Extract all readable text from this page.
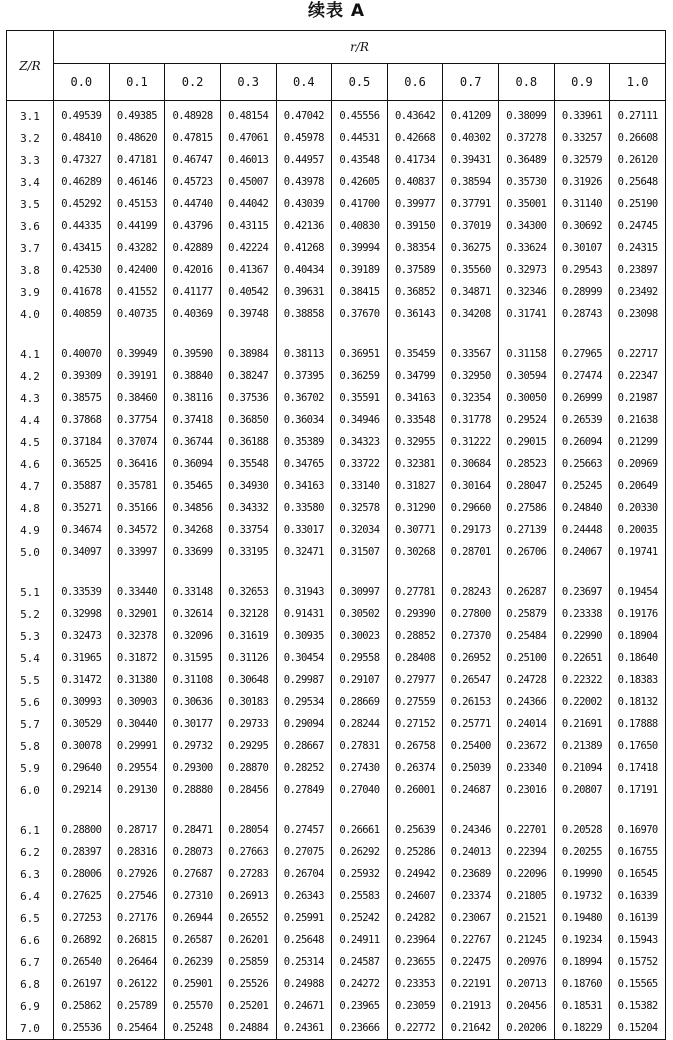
续表 A
Z/R	r/R										
	0.0	0.1	0.2	0.3	0.4	0.5	0.6	0.7	0.8	0.9	1.0
3.1	0.49539	0.49385	0.48928	0.48154	0.47042	0.45556	0.43642	0.41209	0.38099	0.33961	0.27111
3.2	0.48410	0.48620	0.47815	0.47061	0.45978	0.44531	0.42668	0.40302	0.37278	0.33257	0.26608
3.3	0.47327	0.47181	0.46747	0.46013	0.44957	0.43548	0.41734	0.39431	0.36489	0.32579	0.26120
3.4	0.46289	0.46146	0.45723	0.45007	0.43978	0.42605	0.40837	0.38594	0.35730	0.31926	0.25648
3.5	0.45292	0.45153	0.44740	0.44042	0.43039	0.41700	0.39977	0.37791	0.35001	0.31140	0.25190
3.6	0.44335	0.44199	0.43796	0.43115	0.42136	0.40830	0.39150	0.37019	0.34300	0.30692	0.24745
3.7	0.43415	0.43282	0.42889	0.42224	0.41268	0.39994	0.38354	0.36275	0.33624	0.30107	0.24315
3.8	0.42530	0.42400	0.42016	0.41367	0.40434	0.39189	0.37589	0.35560	0.32973	0.29543	0.23897
3.9	0.41678	0.41552	0.41177	0.40542	0.39631	0.38415	0.36852	0.34871	0.32346	0.28999	0.23492
4.0	0.40859	0.40735	0.40369	0.39748	0.38858	0.37670	0.36143	0.34208	0.31741	0.28743	0.23098

4.1	0.40070	0.39949	0.39590	0.38984	0.38113	0.36951	0.35459	0.33567	0.31158	0.27965	0.22717
4.2	0.39309	0.39191	0.38840	0.38247	0.37395	0.36259	0.34799	0.32950	0.30594	0.27474	0.22347
4.3	0.38575	0.38460	0.38116	0.37536	0.36702	0.35591	0.34163	0.32354	0.30050	0.26999	0.21987
4.4	0.37868	0.37754	0.37418	0.36850	0.36034	0.34946	0.33548	0.31778	0.29524	0.26539	0.21638
4.5	0.37184	0.37074	0.36744	0.36188	0.35389	0.34323	0.32955	0.31222	0.29015	0.26094	0.21299
4.6	0.36525	0.36416	0.36094	0.35548	0.34765	0.33722	0.32381	0.30684	0.28523	0.25663	0.20969
4.7	0.35887	0.35781	0.35465	0.34930	0.34163	0.33140	0.31827	0.30164	0.28047	0.25245	0.20649
4.8	0.35271	0.35166	0.34856	0.34332	0.33580	0.32578	0.31290	0.29660	0.27586	0.24840	0.20330
4.9	0.34674	0.34572	0.34268	0.33754	0.33017	0.32034	0.30771	0.29173	0.27139	0.24448	0.20035
5.0	0.34097	0.33997	0.33699	0.33195	0.32471	0.31507	0.30268	0.28701	0.26706	0.24067	0.19741

5.1	0.33539	0.33440	0.33148	0.32653	0.31943	0.30997	0.27781	0.28243	0.26287	0.23697	0.19454
5.2	0.32998	0.32901	0.32614	0.32128	0.91431	0.30502	0.29390	0.27800	0.25879	0.23338	0.19176
5.3	0.32473	0.32378	0.32096	0.31619	0.30935	0.30023	0.28852	0.27370	0.25484	0.22990	0.18904
5.4	0.31965	0.31872	0.31595	0.31126	0.30454	0.29558	0.28408	0.26952	0.25100	0.22651	0.18640
5.5	0.31472	0.31380	0.31108	0.30648	0.29987	0.29107	0.27977	0.26547	0.24728	0.22322	0.18383
5.6	0.30993	0.30903	0.30636	0.30183	0.29534	0.28669	0.27559	0.26153	0.24366	0.22002	0.18132
5.7	0.30529	0.30440	0.30177	0.29733	0.29094	0.28244	0.27152	0.25771	0.24014	0.21691	0.17888
5.8	0.30078	0.29991	0.29732	0.29295	0.28667	0.27831	0.26758	0.25400	0.23672	0.21389	0.17650
5.9	0.29640	0.29554	0.29300	0.28870	0.28252	0.27430	0.26374	0.25039	0.23340	0.21094	0.17418
6.0	0.29214	0.29130	0.28880	0.28456	0.27849	0.27040	0.26001	0.24687	0.23016	0.20807	0.17191

6.1	0.28800	0.28717	0.28471	0.28054	0.27457	0.26661	0.25639	0.24346	0.22701	0.20528	0.16970
6.2	0.28397	0.28316	0.28073	0.27663	0.27075	0.26292	0.25286	0.24013	0.22394	0.20255	0.16755
6.3	0.28006	0.27926	0.27687	0.27283	0.26704	0.25932	0.24942	0.23689	0.22096	0.19990	0.16545
6.4	0.27625	0.27546	0.27310	0.26913	0.26343	0.25583	0.24607	0.23374	0.21805	0.19732	0.16339
6.5	0.27253	0.27176	0.26944	0.26552	0.25991	0.25242	0.24282	0.23067	0.21521	0.19480	0.16139
6.6	0.26892	0.26815	0.26587	0.26201	0.25648	0.24911	0.23964	0.22767	0.21245	0.19234	0.15943
6.7	0.26540	0.26464	0.26239	0.25859	0.25314	0.24587	0.23655	0.22475	0.20976	0.18994	0.15752
6.8	0.26197	0.26122	0.25901	0.25526	0.24988	0.24272	0.23353	0.22191	0.20713	0.18760	0.15565
6.9	0.25862	0.25789	0.25570	0.25201	0.24671	0.23965	0.23059	0.21913	0.20456	0.18531	0.15382
7.0	0.25536	0.25464	0.25248	0.24884	0.24361	0.23666	0.22772	0.21642	0.20206	0.18229	0.15204
